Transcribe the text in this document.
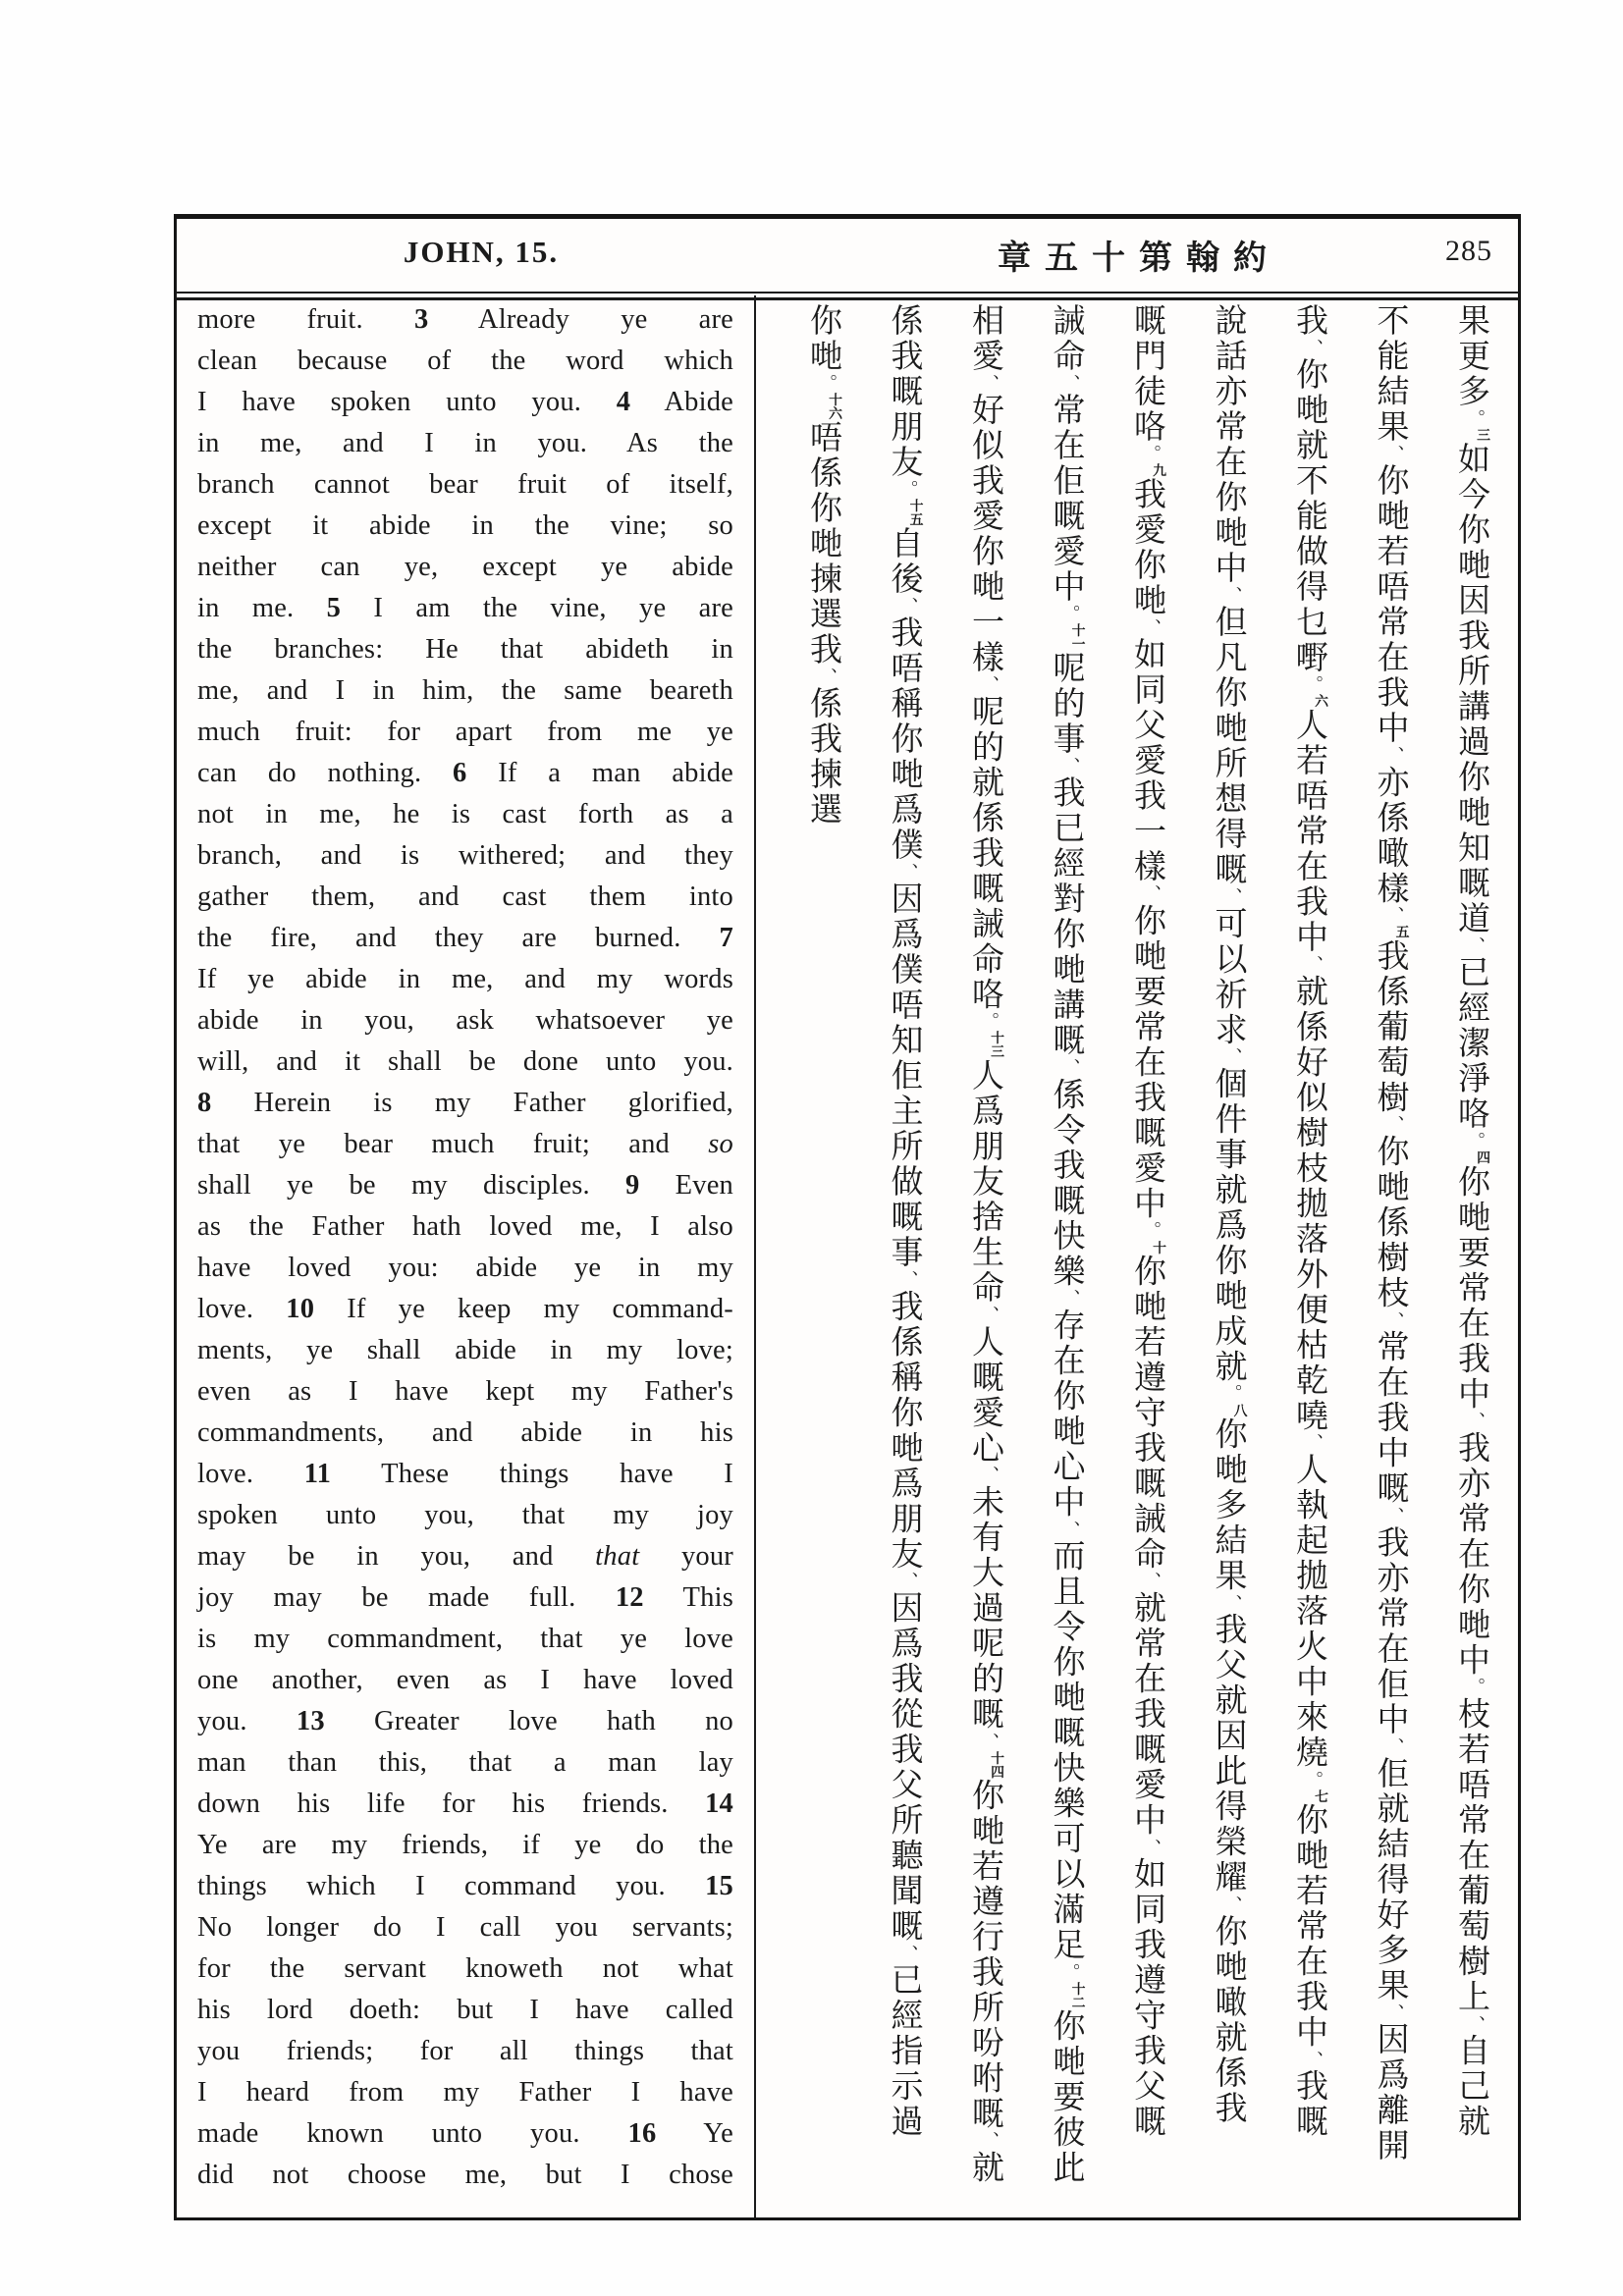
JOHN, 15.	章五十第翰約	285
more fruit. 3 Already ye are
clean because of the word which
I have spoken unto you. 4 Abide
in me, and I in you. As the
branch cannot bear fruit of itself,
except it abide in the vine; so
neither can ye, except ye abide
in me. 5 I am the vine, ye are
the branches: He that abideth in
me, and I in him, the same beareth
much fruit: for apart from me ye
can do nothing. 6 If a man abide
not in me, he is cast forth as a
branch, and is withered; and they
gather them, and cast them into
the fire, and they are burned. 7
If ye abide in me, and my words
abide in you, ask whatsoever ye
will, and it shall be done unto you.
8 Herein is my Father glorified,
that ye bear much fruit; and so
shall ye be my disciples. 9 Even
as the Father hath loved me, I also
have loved you: abide ye in my
love. 10 If ye keep my command-
ments, ye shall abide in my love;
even as I have kept my Father's
commandments, and abide in his
love. 11 These things have I
spoken unto you, that my joy
may be in you, and that your
joy may be made full. 12 This
is my commandment, that ye love
one another, even as I have loved
you. 13 Greater love hath no
man than this, that a man lay
down his life for his friends. 14
Ye are my friends, if ye do the
things which I command you. 15
No longer do I call you servants;
for the servant knoweth not what
his lord doeth: but I have called
you friends; for all things that
I heard from my Father I have
made known unto you. 16 Ye
did not choose me, but I chose
果更多。三如今你哋因我所講過你哋知嘅道、已經潔淨咯。四你哋要常在我中、我亦常在你哋中。枝若唔常在葡萄樹上、自己就
不能結果、你哋若唔常在我中、亦係噉樣、五我係葡萄樹、你哋係樹枝、常在我中嘅、我亦常在佢中、佢就結得好多果、因爲離開
我、你哋就不能做得乜嘢。六人若唔常在我中、就係好似樹枝拋落外便枯乾嘵、人執起拋落火中來燒。七你哋若常在我中、我嘅
說話亦常在你哋中、但凡你哋所想得嘅、可以祈求、個件事就爲你哋成就。八你哋多結果、我父就因此得榮耀、你哋噉就係我
嘅門徒咯。九我愛你哋、如同父愛我一樣、你哋要常在我嘅愛中。十你哋若遵守我嘅誡命、就常在我嘅愛中、如同我遵守我父嘅
誡命、常在佢嘅愛中。十一呢的事、我已經對你哋講嘅、係令我嘅快樂、存在你哋心中、而且令你哋嘅快樂可以滿足。十二你哋要彼此
相愛、好似我愛你哋一樣、呢的就係我嘅誡命咯。十三人爲朋友捨生命、人嘅愛心、未有大過呢的嘅、十四你哋若遵行我所吩咐嘅、就
係我嘅朋友。十五自後、我唔稱你哋爲僕、因爲僕唔知佢主所做嘅事、我係稱你哋爲朋友、因爲我從我父所聽聞嘅、已經指示過
你哋。十六唔係你哋揀選我、係我揀選
